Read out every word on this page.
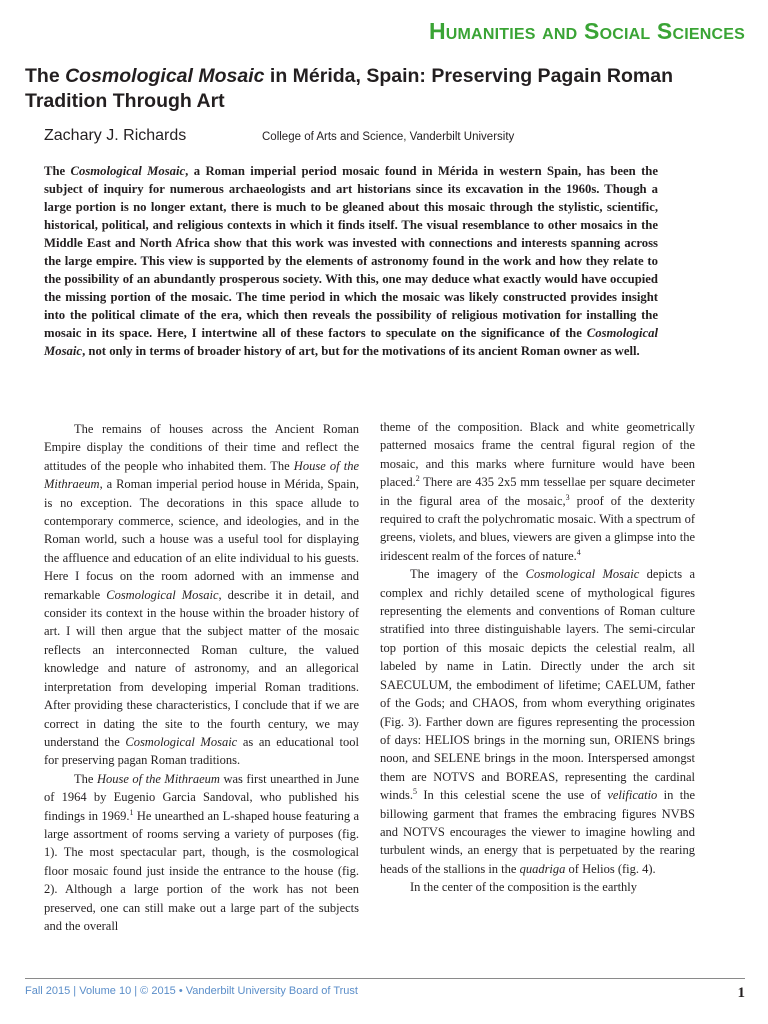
Humanities and Social Sciences
The Cosmological Mosaic in Mérida, Spain: Preserving Pagain Roman Tradition Through Art
Zachary J. Richards	College of Arts and Science, Vanderbilt University

The Cosmological Mosaic, a Roman imperial period mosaic found in Mérida in western Spain, has been the subject of inquiry for numerous archaeologists and art historians since its excavation in the 1960s. Though a large portion is no longer extant, there is much to be gleaned about this mosaic through the stylistic, scientific, historical, political, and religious contexts in which it finds itself. The visual resemblance to other mosaics in the Middle East and North Africa show that this work was invested with connections and interests spanning across the large empire. This view is supported by the elements of astronomy found in the work and how they relate to the possibility of an abundantly prosperous society. With this, one may deduce what exactly would have occupied the missing portion of the mosaic. The time period in which the mosaic was likely constructed provides insight into the political climate of the era, which then reveals the possibility of religious motivation for installing the mosaic in its space. Here, I intertwine all of these factors to speculate on the significance of the Cosmological Mosaic, not only in terms of broader history of art, but for the motivations of its ancient Roman owner as well.

The remains of houses across the Ancient Roman Empire display the conditions of their time and reflect the attitudes of the people who inhabited them. The House of the Mithraeum, a Roman imperial period house in Mérida, Spain, is no exception. The decorations in this space allude to contemporary commerce, science, and ideologies, and in the Roman world, such a house was a useful tool for displaying the affluence and education of an elite individual to his guests. Here I focus on the room adorned with an immense and remarkable Cosmological Mosaic, describe it in detail, and consider its context in the house within the broader history of art. I will then argue that the subject matter of the mosaic reflects an interconnected Roman culture, the valued knowledge and nature of astronomy, and an allegorical interpretation from developing imperial Roman traditions. After providing these characteristics, I conclude that if we are correct in dating the site to the fourth century, we may understand the Cosmological Mosaic as an educational tool for preserving pagan Roman traditions.

The House of the Mithraeum was first unearthed in June of 1964 by Eugenio Garcia Sandoval, who published his findings in 1969.$^1$ He unearthed an L-shaped house featuring a large assortment of rooms serving a variety of purposes (fig. 1). The most spectacular part, though, is the cosmological floor mosaic found just inside the entrance to the house (fig. 2). Although a large portion of the work has not been preserved, one can still make out a large part of the subjects and the overall

theme of the composition. Black and white geometrically patterned mosaics frame the central figural region of the mosaic, and this marks where furniture would have been placed.$^2$ There are 435 2x5 mm tessellae per square decimeter in the figural area of the mosaic,$^3$ proof of the dexterity required to craft the polychromatic mosaic. With a spectrum of greens, violets, and blues, viewers are given a glimpse into the iridescent realm of the forces of nature.$^4$

The imagery of the Cosmological Mosaic depicts a complex and richly detailed scene of mythological figures representing the elements and conventions of Roman culture stratified into three distinguishable layers. The semi-circular top portion of this mosaic depicts the celestial realm, all labeled by name in Latin. Directly under the arch sit SAECULUM, the embodiment of lifetime; CAELUM, father of the Gods; and CHAOS, from whom everything originates (Fig. 3). Farther down are figures representing the procession of days: HELIOS brings in the morning sun, ORIENS brings noon, and SELENE brings in the moon. Interspersed amongst them are NOTVS and BOREAS, representing the cardinal winds.$^5$ In this celestial scene the use of velificatio in the billowing garment that frames the embracing figures NVBS and NOTVS encourages the viewer to imagine howling and turbulent winds, an energy that is perpetuated by the rearing heads of the stallions in the quadriga of Helios (fig. 4).

In the center of the composition is the earthly

Fall 2015 | Volume 10 | © 2015 • Vanderbilt University Board of Trust	1
